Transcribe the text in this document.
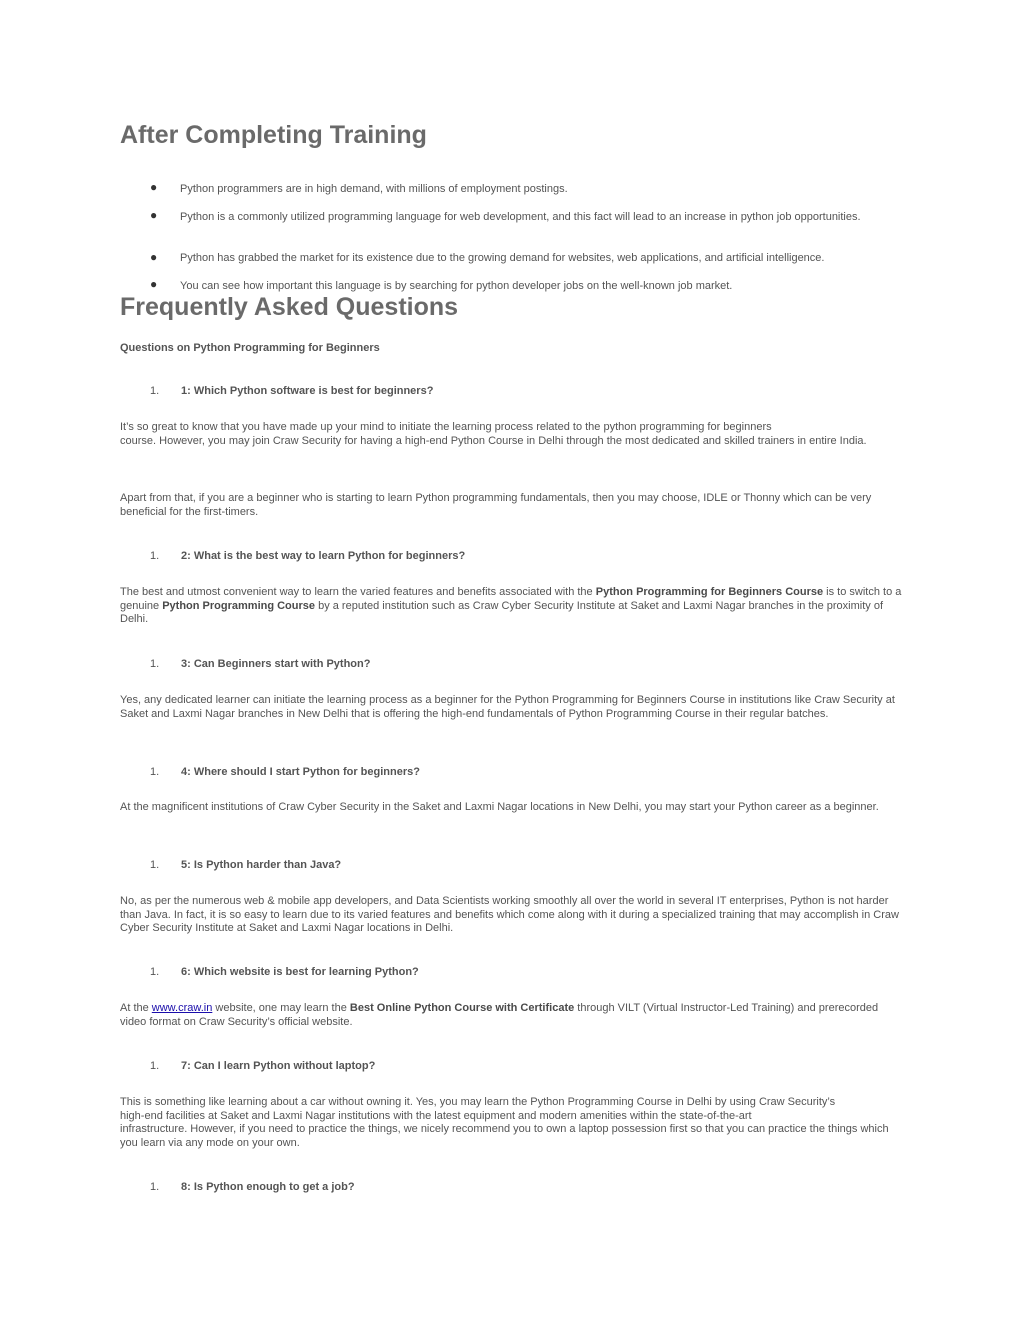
After Completing Training
● Python programmers are in high demand, with millions of employment postings.
● Python is a commonly utilized programming language for web development, and this fact will lead to an increase in python job opportunities.
● Python has grabbed the market for its existence due to the growing demand for websites, web applications, and artificial intelligence.
● You can see how important this language is by searching for python developer jobs on the well-known job market.
Frequently Asked Questions
Questions on Python Programming for Beginners
1. 1: Which Python software is best for beginners?
It’s so great to know that you have made up your mind to initiate the learning process related to the python programming for beginners
course. However, you may join Craw Security for having a high-end Python Course in Delhi through the most dedicated and skilled trainers in entire India.
Apart from that, if you are a beginner who is starting to learn Python programming fundamentals, then you may choose, IDLE or Thonny which can be very beneficial for the first-timers.
1. 2: What is the best way to learn Python for beginners?
The best and utmost convenient way to learn the varied features and benefits associated with the Python Programming for Beginners Course is to switch to a genuine Python Programming Course by a reputed institution such as Craw Cyber Security Institute at Saket and Laxmi Nagar branches in the proximity of Delhi.
1. 3: Can Beginners start with Python?
Yes, any dedicated learner can initiate the learning process as a beginner for the Python Programming for Beginners Course in institutions like Craw Security at Saket and Laxmi Nagar branches in New Delhi that is offering the high-end fundamentals of Python Programming Course in their regular batches.
1. 4: Where should I start Python for beginners?
At the magnificent institutions of Craw Cyber Security in the Saket and Laxmi Nagar locations in New Delhi, you may start your Python career as a beginner.
1. 5: Is Python harder than Java?
No, as per the numerous web & mobile app developers, and Data Scientists working smoothly all over the world in several IT enterprises, Python is not harder than Java. In fact, it is so easy to learn due to its varied features and benefits which come along with it during a specialized training that may accomplish in Craw Cyber Security Institute at Saket and Laxmi Nagar locations in Delhi.
1. 6: Which website is best for learning Python?
At the www.craw.in website, one may learn the Best Online Python Course with Certificate through VILT (Virtual Instructor-Led Training) and prerecorded video format on Craw Security’s official website.
1. 7: Can I learn Python without laptop?
This is something like learning about a car without owning it. Yes, you may learn the Python Programming Course in Delhi by using Craw Security’s
high-end facilities at Saket and Laxmi Nagar institutions with the latest equipment and modern amenities within the state-of-the-art
infrastructure. However, if you need to practice the things, we nicely recommend you to own a laptop possession first so that you can practice the things which you learn via any mode on your own.
1. 8: Is Python enough to get a job?
